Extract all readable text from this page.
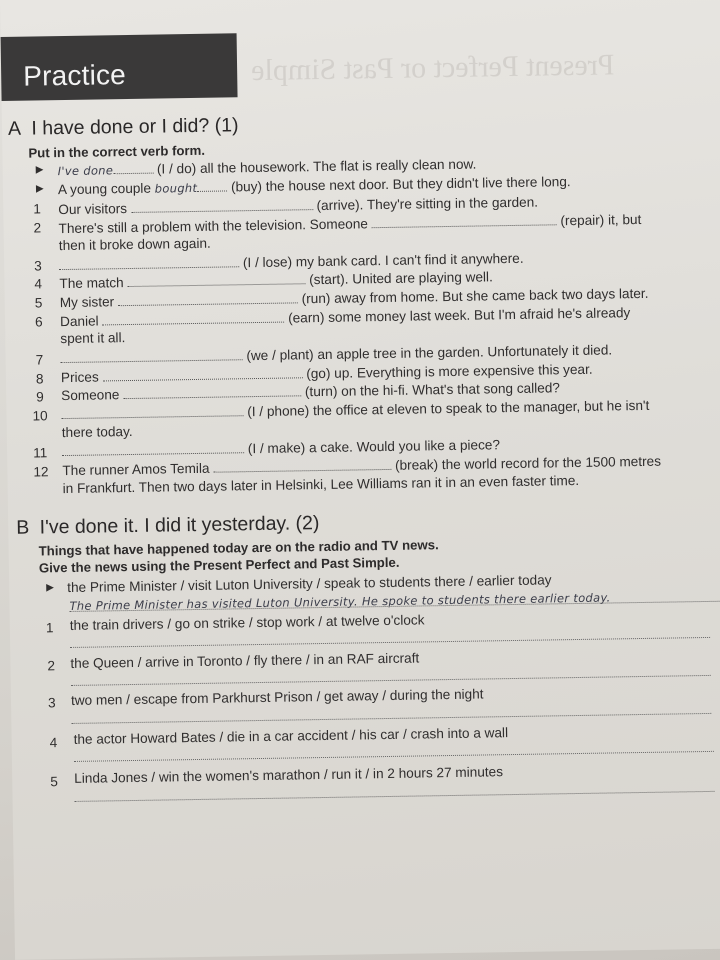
Present Perfect or Past Simple
Practice
A I have done or I did? (1)
Put in the correct verb form.
▶ I've done	(I / do) all the housework. The flat is really clean now.
▶ A young couple bought (buy) the house next door. But they didn't live there long.
1	Our visitors	(arrive). They're sitting in the garden.
2	There's still a problem with the television. Someone	(repair) it, but
then it broke down again.
3	(I / lose) my bank card. I can't find it anywhere.
4	The match	(start). United are playing well.
5	My sister	(run) away from home. But she came back two days later.
6	Daniel	(earn) some money last week. But I'm afraid he's already
spent it all.
7	(we / plant) an apple tree in the garden. Unfortunately it died.
8	Prices	(go) up. Everything is more expensive this year.
9	Someone	(turn) on the hi-fi. What's that song called?
10	(I / phone) the office at eleven to speak to the manager, but he isn't
there today.
11	(I / make) a cake. Would you like a piece?
12	The runner Amos Temila	(break) the world record for the 1500 metres
in Frankfurt. Then two days later in Helsinki, Lee Williams ran it in an even faster time.
B I've done it. I did it yesterday. (2)
Things that have happened today are on the radio and TV news.
Give the news using the Present Perfect and Past Simple.
▶ the Prime Minister / visit Luton University / speak to students there / earlier today
The Prime Minister has visited Luton University. He spoke to students there earlier today.
1	the train drivers / go on strike / stop work / at twelve o'clock
2	the Queen / arrive in Toronto / fly there / in an RAF aircraft
3	two men / escape from Parkhurst Prison / get away / during the night
4	the actor Howard Bates / die in a car accident / his car / crash into a wall
5	Linda Jones / win the women's marathon / run it / in 2 hours 27 minutes
